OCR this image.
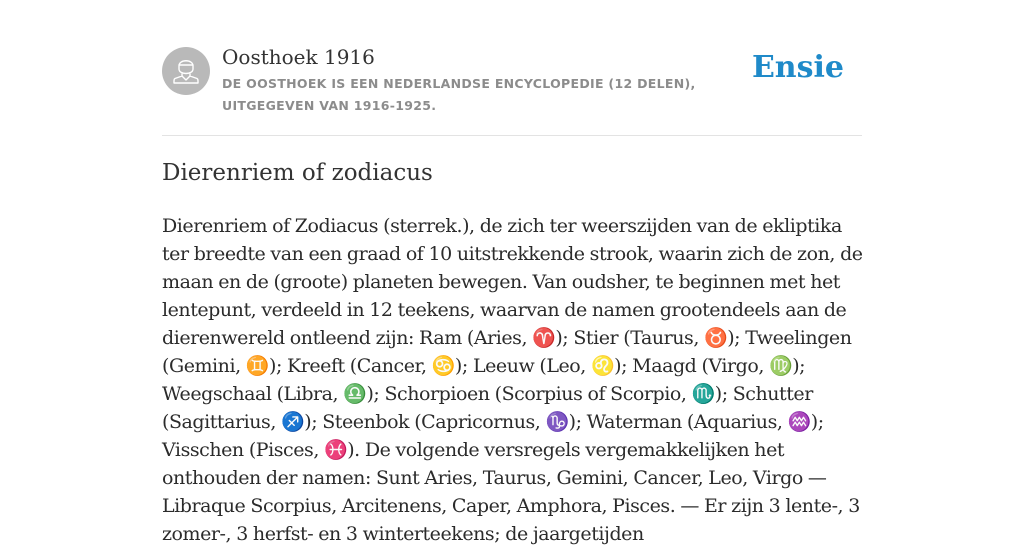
Oosthoek 1916
DE OOSTHOEK IS EEN NEDERLANDSE ENCYCLOPEDIE (12 DELEN), UITGEGEVEN VAN 1916-1925.
Ensie
Dierenriem of zodiacus

Dierenriem of Zodiacus (sterrek.), de zich ter weerszijden van de ekliptika ter breedte van een graad of 10 uitstrekkende strook, waarin zich de zon, de maan en de (groote) planeten bewegen. Van oudsher, te beginnen met het lentepunt, verdeeld in 12 teekens, waarvan de namen grootendeels aan de dierenwereld ontleend zijn: Ram (Aries, ♈); Stier (Taurus, ♉); Tweelingen (Gemini, ♊); Kreeft (Cancer, ♋); Leeuw (Leo, ♌); Maagd (Virgo, ♍); Weegschaal (Libra, ♎); Schorpioen (Scorpius of Scorpio, ♏); Schutter (Sagittarius, ♐); Steenbok (Capricornus, ♑); Waterman (Aquarius, ♒); Visschen (Pisces, ♓). De volgende versregels vergemakkelijken het onthouden der namen: Sunt Aries, Taurus, Gemini, Cancer, Leo, Virgo — Libraque Scorpius, Arcitenens, Caper, Amphora, Pisces. — Er zijn 3 lente-, 3 zomer-, 3 herfst- en 3 winterteekens; de jaargetijden
